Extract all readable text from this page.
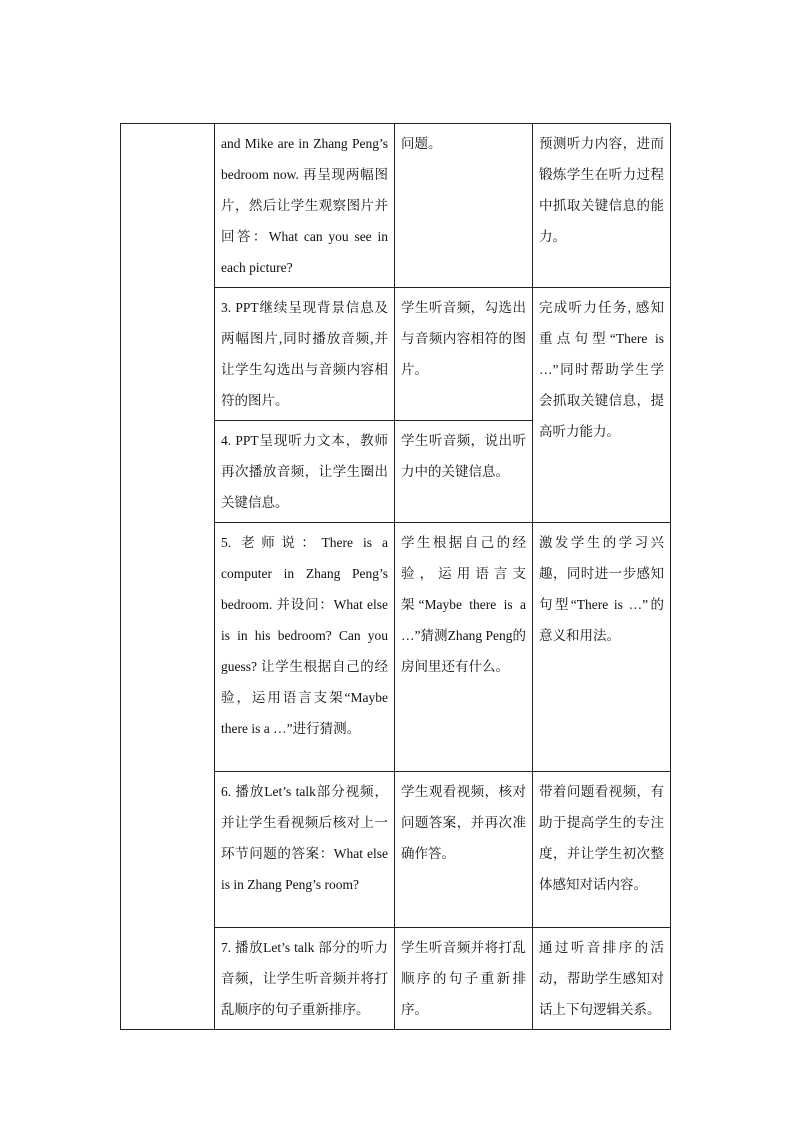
	and Mike are in Zhang Peng’s bedroom now. 再呈现两幅图片，然后让学生观察图片并回答：What can you see in each picture?	问题。	预测听力内容，进而锻炼学生在听力过程中抓取关键信息的能力。
	3. PPT继续呈现背景信息及两幅图片,同时播放音频,并让学生勾选出与音频内容相符的图片。	学生听音频，勾选出与音频内容相符的图片。	完成听力任务, 感知重点句型“There is …”同时帮助学生学会抓取关键信息，提高听力能力。
	4. PPT呈现听力文本，教师再次播放音频，让学生圈出关键信息。	学生听音频，说出听力中的关键信息。	
	5. 老师说：There is a computer in Zhang Peng’s bedroom. 并设问：What else is in his bedroom? Can you guess? 让学生根据自己的经验，运用语言支架“Maybe there is a …”进行猜测。	学生根据自己的经验，运用语言支架“Maybe there is a …”猜测Zhang Peng的房间里还有什么。	激发学生的学习兴趣，同时进一步感知句型“There is …”的意义和用法。
	6. 播放Let’s talk部分视频，并让学生看视频后核对上一环节问题的答案：What else is in Zhang Peng’s room?	学生观看视频，核对问题答案，并再次准确作答。	带着问题看视频，有助于提高学生的专注度，并让学生初次整体感知对话内容。
	7. 播放Let’s talk 部分的听力音频，让学生听音频并将打乱顺序的句子重新排序。	学生听音频并将打乱顺序的句子重新排序。	通过听音排序的活动，帮助学生感知对话上下句逻辑关系。
